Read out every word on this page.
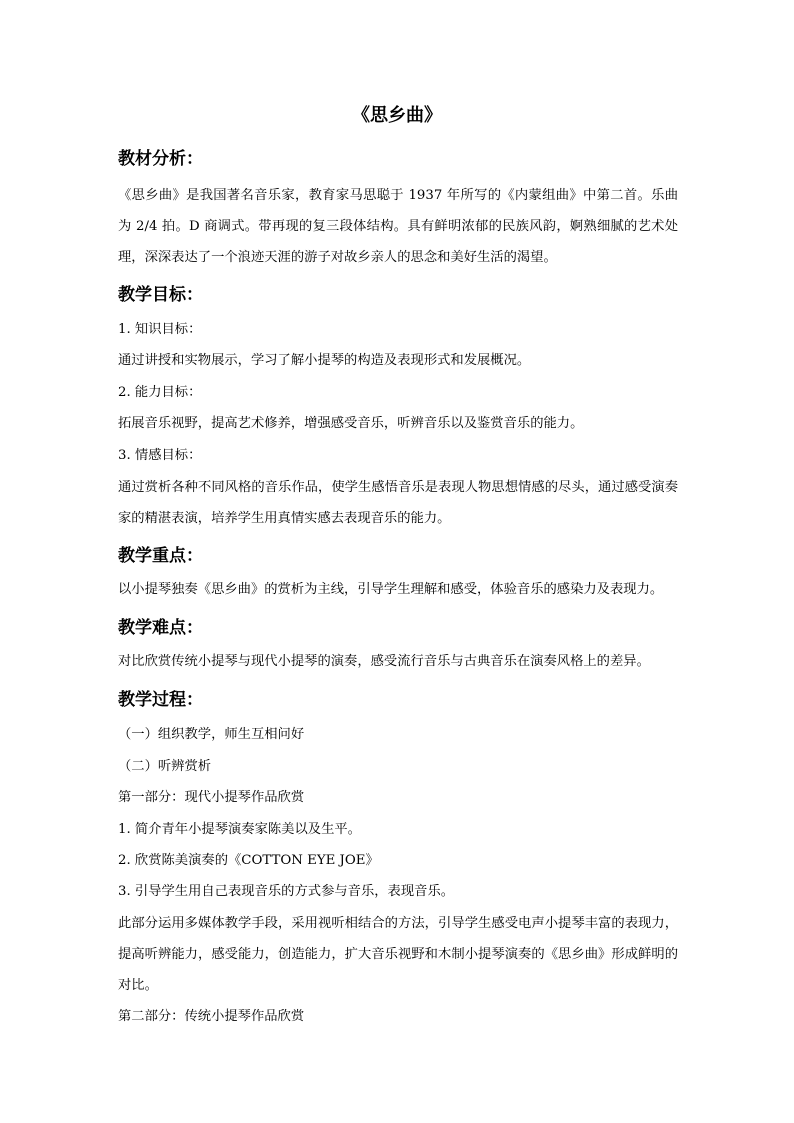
《思乡曲》
教材分析：
《思乡曲》是我国著名音乐家，教育家马思聪于 1937 年所写的《内蒙组曲》中第二首。乐曲为 2/4 拍。D 商调式。带再现的复三段体结构。具有鲜明浓郁的民族风韵，婀熟细腻的艺术处理，深深表达了一个浪迹天涯的游子对故乡亲人的思念和美好生活的渴望。
教学目标：
1. 知识目标：
通过讲授和实物展示，学习了解小提琴的构造及表现形式和发展概况。
2. 能力目标：
拓展音乐视野，提高艺术修养，增强感受音乐，听辨音乐以及鉴赏音乐的能力。
3. 情感目标：
通过赏析各种不同风格的音乐作品，使学生感悟音乐是表现人物思想情感的尽头，通过感受演奏家的精湛表演，培养学生用真情实感去表现音乐的能力。
教学重点：
以小提琴独奏《思乡曲》的赏析为主线，引导学生理解和感受，体验音乐的感染力及表现力。
教学难点：
对比欣赏传统小提琴与现代小提琴的演奏，感受流行音乐与古典音乐在演奏风格上的差异。
教学过程：
（一）组织教学，师生互相问好
（二）听辨赏析
第一部分：现代小提琴作品欣赏
1. 简介青年小提琴演奏家陈美以及生平。
2. 欣赏陈美演奏的《COTTON EYE JOE》
3. 引导学生用自己表现音乐的方式参与音乐，表现音乐。
此部分运用多媒体教学手段，采用视听相结合的方法，引导学生感受电声小提琴丰富的表现力，提高听辨能力，感受能力，创造能力，扩大音乐视野和木制小提琴演奏的《思乡曲》形成鲜明的对比。
第二部分：传统小提琴作品欣赏
